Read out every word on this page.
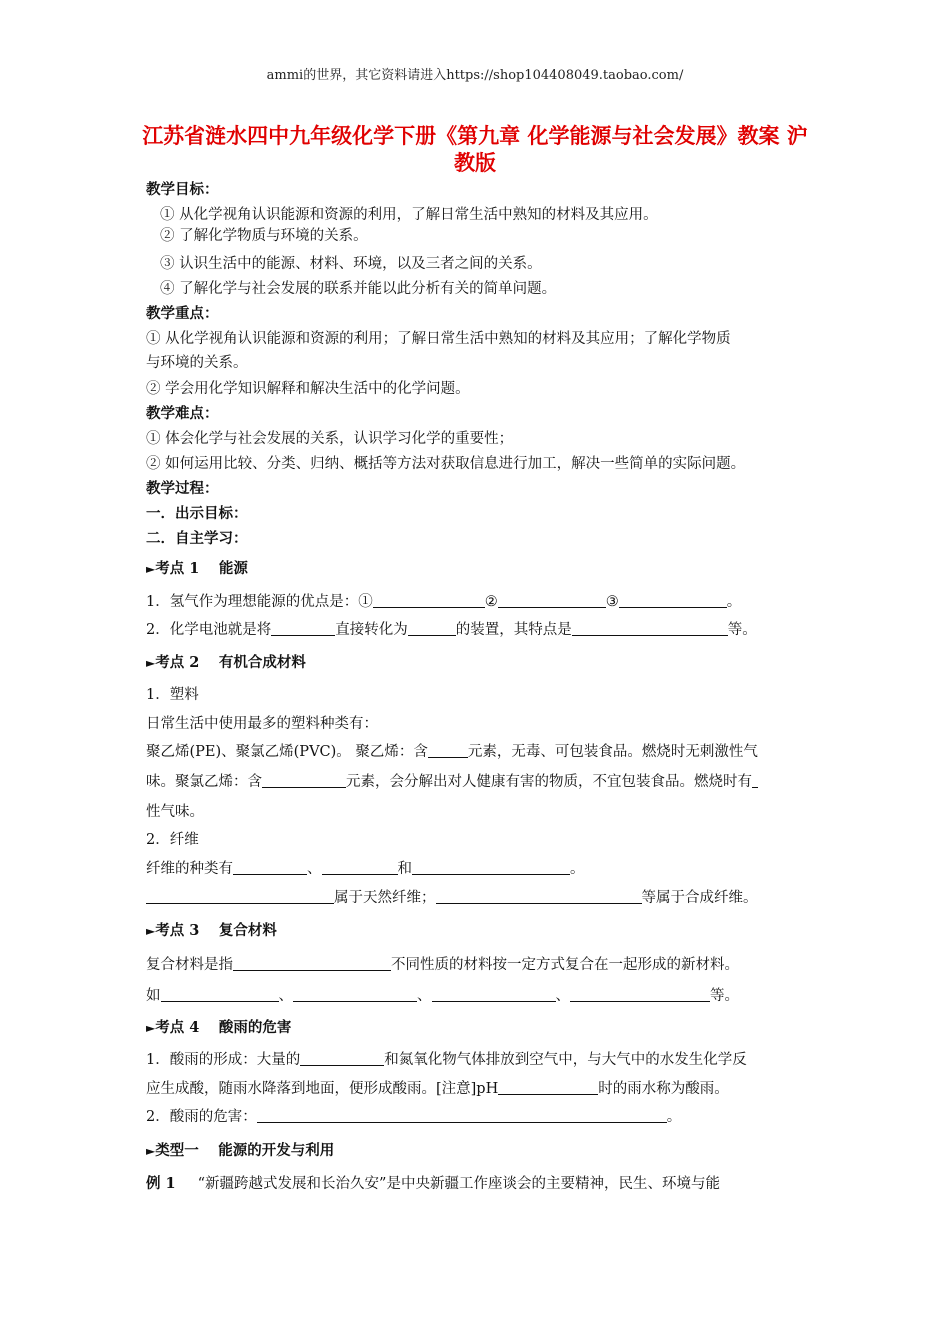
ammi的世界，其它资料请进入https://shop104408049.taobao.com/
江苏省涟水四中九年级化学下册《第九章 化学能源与社会发展》教案 沪教版
教学目标：
① 从化学视角认识能源和资源的利用，了解日常生活中熟知的材料及其应用。
② 了解化学物质与环境的关系。
③ 认识生活中的能源、材料、环境，以及三者之间的关系。
④ 了解化学与社会发展的联系并能以此分析有关的简单问题。
教学重点：
① 从化学视角认识能源和资源的利用；了解日常生活中熟知的材料及其应用；了解化学物质
与环境的关系。
② 学会用化学知识解释和解决生活中的化学问题。
教学难点：
① 体会化学与社会发展的关系，认识学习化学的重要性；
② 如何运用比较、分类、归纳、概括等方法对获取信息进行加工，解决一些简单的实际问题。
教学过程：
一．出示目标：
二．自主学习：
►考点 1　 能源
1．氢气作为理想能源的优点是：①	②	③	。
2．化学电池就是将	直接转化为	的装置，其特点是	等。
►考点 2　 有机合成材料
1．塑料
日常生活中使用最多的塑料种类有：
聚乙烯(PE)、聚氯乙烯(PVC)。 聚乙烯：含	元素，无毒、可包装食品。燃烧时无刺激性气
味。聚氯乙烯：含	元素，会分解出对人健康有害的物质，不宜包装食品。燃烧时有
性气味。
2．纤维
纤维的种类有	、	和	。
属于天然纤维；	等属于合成纤维。
►考点 3　 复合材料
复合材料是指	不同性质的材料按一定方式复合在一起形成的新材料。
如	、	、	、	等。
►考点 4　 酸雨的危害
1．酸雨的形成：大量的	和氮氧化物气体排放到空气中，与大气中的水发生化学反
应生成酸，随雨水降落到地面，便形成酸雨。[注意]pH	时的雨水称为酸雨。
2．酸雨的危害：	。
►类型一　 能源的开发与利用
例 1 “新疆跨越式发展和长治久安”是中央新疆工作座谈会的主要精神，民生、环境与能
